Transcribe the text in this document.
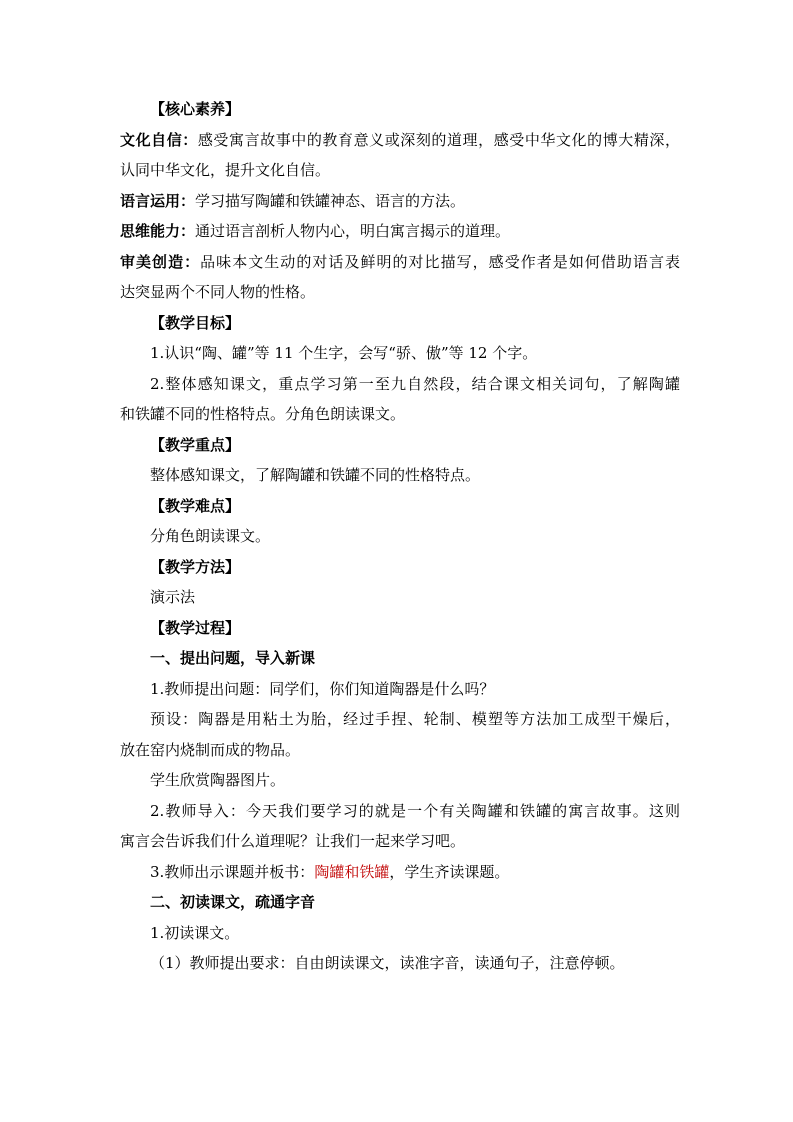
【核心素养】
文化自信：感受寓言故事中的教育意义或深刻的道理，感受中华文化的博大精深，
认同中华文化，提升文化自信。
语言运用：学习描写陶罐和铁罐神态、语言的方法。
思维能力：通过语言剖析人物内心，明白寓言揭示的道理。
审美创造：品味本文生动的对话及鲜明的对比描写，感受作者是如何借助语言表
达突显两个不同人物的性格。
【教学目标】
1.认识“陶、罐”等 11 个生字，会写“骄、傲”等 12 个字。
2.整体感知课文，重点学习第一至九自然段，结合课文相关词句，了解陶罐
和铁罐不同的性格特点。分角色朗读课文。
【教学重点】
整体感知课文，了解陶罐和铁罐不同的性格特点。
【教学难点】
分角色朗读课文。
【教学方法】
演示法
【教学过程】
一、提出问题，导入新课
1.教师提出问题：同学们，你们知道陶器是什么吗？
预设：陶器是用粘土为胎，经过手捏、轮制、模塑等方法加工成型干燥后，
放在窑内烧制而成的物品。
学生欣赏陶器图片。
2.教师导入：今天我们要学习的就是一个有关陶罐和铁罐的寓言故事。这则
寓言会告诉我们什么道理呢？让我们一起来学习吧。
3.教师出示课题并板书：陶罐和铁罐，学生齐读课题。
二、初读课文，疏通字音
1.初读课文。
（1）教师提出要求：自由朗读课文，读准字音，读通句子，注意停顿。
